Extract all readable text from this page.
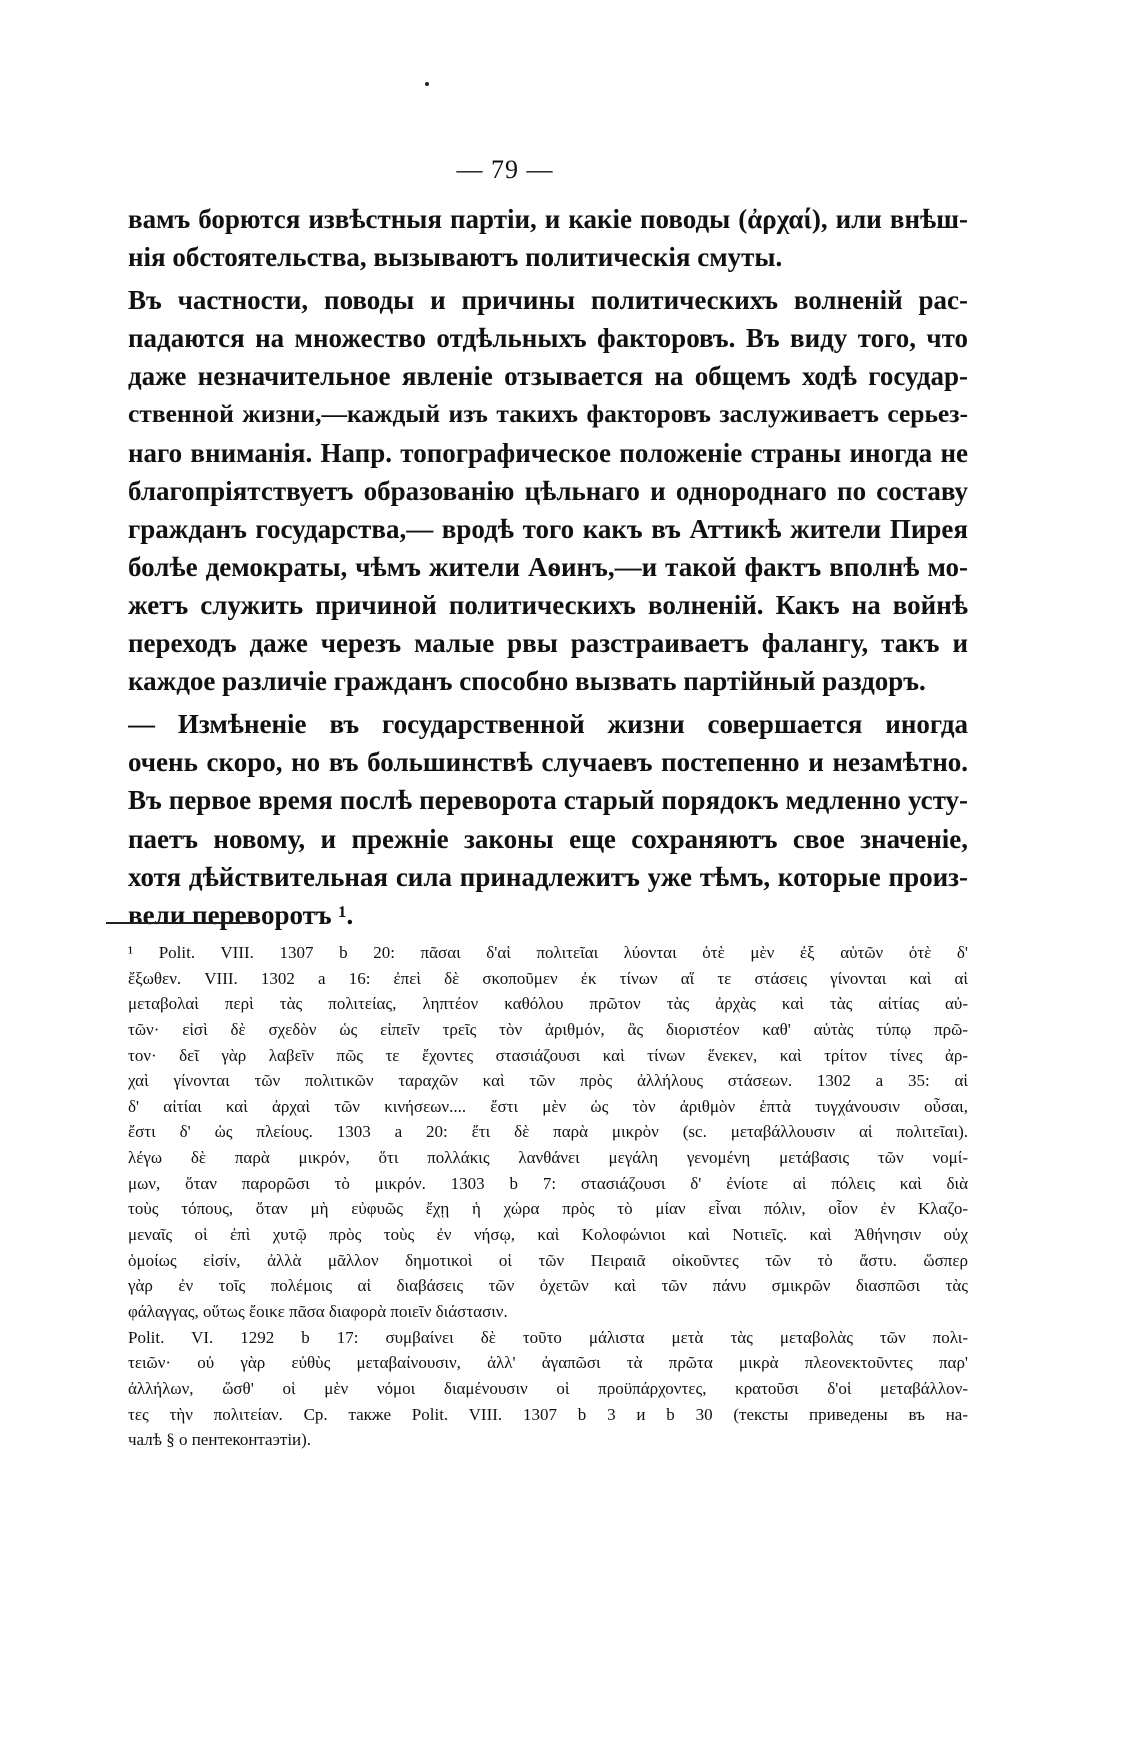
— 79 —
вамъ борются извѣстныя партіи, и какіе поводы (ἀρχαί), или внѣш-
нія обстоятельства, вызываютъ политическія смуты.
Въ частности, поводы и причины политическихъ волненій рас-
падаются на множество отдѣльныхъ факторовъ. Въ виду того, что
даже незначительное явленіе отзывается на общемъ ходѣ государ-
ственной жизни,—каждый изъ такихъ факторовъ заслуживаетъ серьез-
наго вниманія. Напр. топографическое положеніе страны иногда не
благопріятствуетъ образованію цѣльнаго и однороднаго по составу
гражданъ государства,— вродѣ того какъ въ Аттикѣ жители Пирея
болѣе демократы, чѣмъ жители Аѳинъ,—и такой фактъ вполнѣ мо-
жетъ служить причиной политическихъ волненій. Какъ на войнѣ
переходъ даже черезъ малые рвы разстраиваетъ фалангу, такъ и
каждое различіе гражданъ способно вызвать партійный раздоръ.
— Измѣненіе въ государственной жизни совершается иногда
очень скоро, но въ большинствѣ случаевъ постепенно и незамѣтно.
Въ первое время послѣ переворота старый порядокъ медленно усту-
паетъ новому, и прежніе законы еще сохраняютъ свое значеніе,
хотя дѣйствительная сила принадлежитъ уже тѣмъ, которые произ-
вели переворотъ ¹.
¹ Polit. VIII. 1307 b 20: πᾶσαι δ'αἱ πολιτεῖαι λύονται ὁτὲ μὲν ἐξ αὑτῶν ὁτὲ δ'
ἔξωθεν. VIII. 1302 a 16: ἐπεὶ δὲ σκοποῦμεν ἐκ τίνων αἵ τε στάσεις γίνονται καὶ αἱ
μεταβολαὶ περὶ τὰς πολιτείας, ληπτέον καθόλου πρῶτον τὰς ἀρχὰς καὶ τὰς αἰτίας αὐ-
τῶν· εἰσὶ δὲ σχεδὸν ὡς εἰπεῖν τρεῖς τὸν ἀριθμόν, ἃς διοριστέον καθ' αὑτὰς τύπῳ πρῶ-
τον· δεῖ γὰρ λαβεῖν πῶς τε ἔχοντες στασιάζουσι καὶ τίνων ἕνεκεν, καὶ τρίτον τίνες ἀρ-
χαὶ γίνονται τῶν πολιτικῶν ταραχῶν καὶ τῶν πρὸς ἀλλήλους στάσεων. 1302 a 35: αἱ
δ' αἰτίαι καὶ ἀρχαὶ τῶν κινήσεων.... ἔστι μὲν ὡς τὸν ἀριθμὸν ἑπτὰ τυγχάνουσιν οὖσαι,
ἔστι δ' ὡς πλείους. 1303 a 20: ἔτι δὲ παρὰ μικρὸν (sc. μεταβάλλουσιν αἱ πολιτεῖαι).
λέγω δὲ παρὰ μικρόν, ὅτι πολλάκις λανθάνει μεγάλη γενομένη μετάβασις τῶν νομί-
μων, ὅταν παρορῶσι τὸ μικρόν. 1303 b 7: στασιάζουσι δ' ἐνίοτε αἱ πόλεις καὶ διὰ
τοὺς τόπους, ὅταν μὴ εὐφυῶς ἔχῃ ἡ χώρα πρὸς τὸ μίαν εἶναι πόλιν, οἷον ἐν Κλαζο-
μεναῖς οἱ ἐπὶ χυτῷ πρὸς τοὺς ἐν νήσῳ, καὶ Κολοφώνιοι καὶ Νοτιεῖς. καὶ Ἀθήνησιν οὐχ
ὁμοίως εἰσίν, ἀλλὰ μᾶλλον δημοτικοὶ οἱ τῶν Πειραιᾶ οἰκοῦντες τῶν τὸ ἄστυ. ὥσπερ
γὰρ ἐν τοῖς πολέμοις αἱ διαβάσεις τῶν ὀχετῶν καὶ τῶν πάνυ σμικρῶν διασπῶσι τὰς
φάλαγγας, οὕτως ἔοικε πᾶσα διαφορὰ ποιεῖν διάστασιν.
Polit. VI. 1292 b 17: συμβαίνει δὲ τοῦτο μάλιστα μετὰ τὰς μεταβολὰς τῶν πολι-
τειῶν· οὐ γὰρ εὐθὺς μεταβαίνουσιν, ἀλλ' ἀγαπῶσι τὰ πρῶτα μικρὰ πλεονεκτοῦντες παρ'
ἀλλήλων, ὥσθ' οἱ μὲν νόμοι διαμένουσιν οἱ προϋπάρχοντες, κρατοῦσι δ'οἱ μεταβάλλον-
τες τὴν πολιτείαν. Ср. также Polit. VIII. 1307 b 3 и b 30 (тексты приведены въ на-
чалѣ § о пентеконтаэтіи).
